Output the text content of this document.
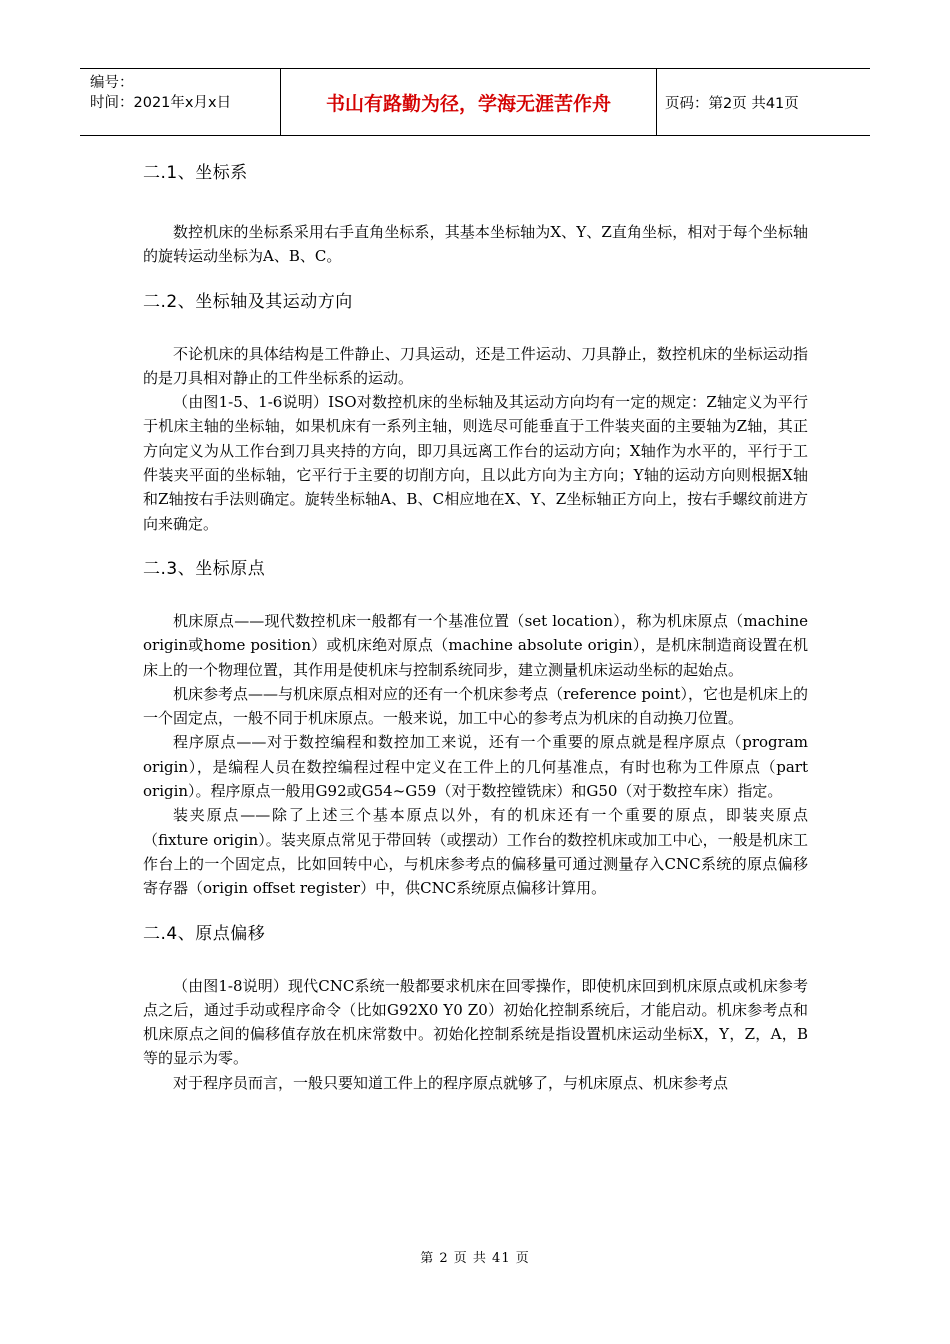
编号：
时间：2021年x月x日	书山有路勤为径，学海无涯苦作舟	页码：第2页 共41页
二.1、坐标系

数控机床的坐标系采用右手直角坐标系，其基本坐标轴为X、Y、Z直角坐标，相对于每个坐标轴的旋转运动坐标为A、B、C。

二.2、坐标轴及其运动方向

不论机床的具体结构是工件静止、刀具运动，还是工件运动、刀具静止，数控机床的坐标运动指的是刀具相对静止的工件坐标系的运动。

（由图1-5、1-6说明）ISO对数控机床的坐标轴及其运动方向均有一定的规定：Z轴定义为平行于机床主轴的坐标轴，如果机床有一系列主轴，则选尽可能垂直于工件装夹面的主要轴为Z轴，其正方向定义为从工作台到刀具夹持的方向，即刀具远离工作台的运动方向；X轴作为水平的，平行于工件装夹平面的坐标轴，它平行于主要的切削方向，且以此方向为主方向；Y轴的运动方向则根据X轴和Z轴按右手法则确定。旋转坐标轴A、B、C相应地在X、Y、Z坐标轴正方向上，按右手螺纹前进方向来确定。

二.3、坐标原点

机床原点——现代数控机床一般都有一个基准位置（set location），称为机床原点（machine origin或home position）或机床绝对原点（machine absolute origin），是机床制造商设置在机床上的一个物理位置，其作用是使机床与控制系统同步，建立测量机床运动坐标的起始点。

机床参考点——与机床原点相对应的还有一个机床参考点（reference point），它也是机床上的一个固定点，一般不同于机床原点。一般来说，加工中心的参考点为机床的自动换刀位置。

程序原点——对于数控编程和数控加工来说，还有一个重要的原点就是程序原点（program origin），是编程人员在数控编程过程中定义在工件上的几何基准点，有时也称为工件原点（part origin）。程序原点一般用G92或G54~G59（对于数控镗铣床）和G50（对于数控车床）指定。

装夹原点——除了上述三个基本原点以外，有的机床还有一个重要的原点，即装夹原点（fixture origin）。装夹原点常见于带回转（或摆动）工作台的数控机床或加工中心，一般是机床工作台上的一个固定点，比如回转中心，与机床参考点的偏移量可通过测量存入CNC系统的原点偏移寄存器（origin offset register）中，供CNC系统原点偏移计算用。

二.4、原点偏移

（由图1-8说明）现代CNC系统一般都要求机床在回零操作，即使机床回到机床原点或机床参考点之后，通过手动或程序命令（比如G92X0 Y0 Z0）初始化控制系统后，才能启动。机床参考点和机床原点之间的偏移值存放在机床常数中。初始化控制系统是指设置机床运动坐标X，Y，Z，A，B等的显示为零。

对于程序员而言，一般只要知道工件上的程序原点就够了，与机床原点、机床参考点

第 2 页 共 41 页
